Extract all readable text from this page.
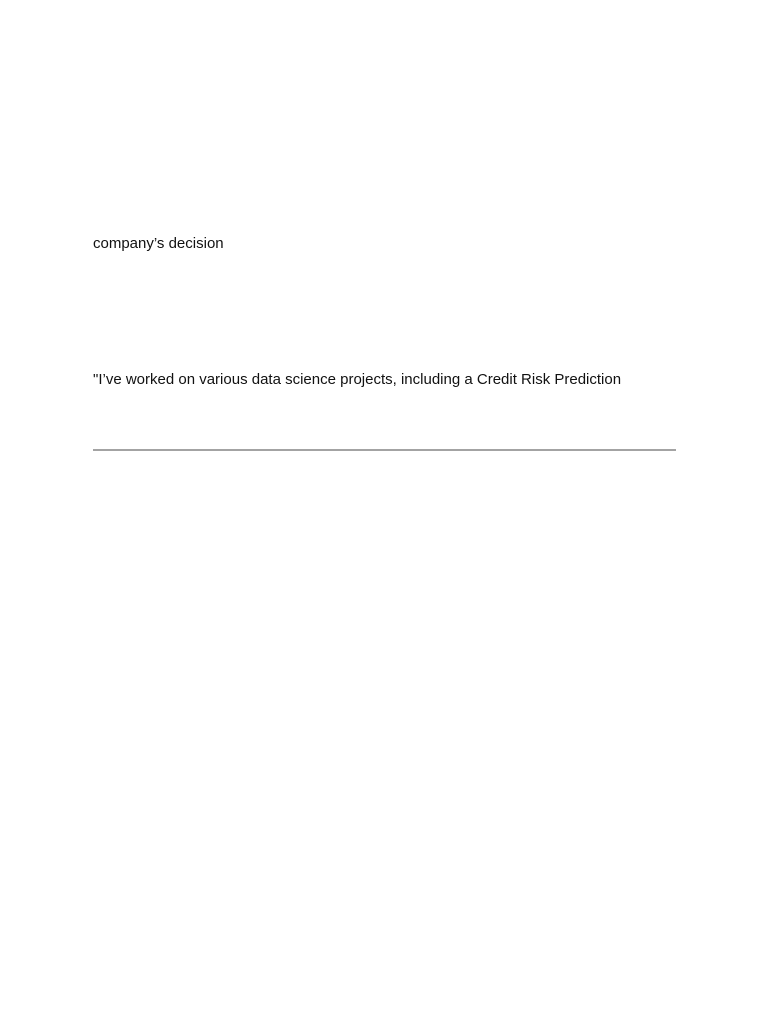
company’s decision
"I’ve worked on various data science projects, including a Credit Risk Prediction
